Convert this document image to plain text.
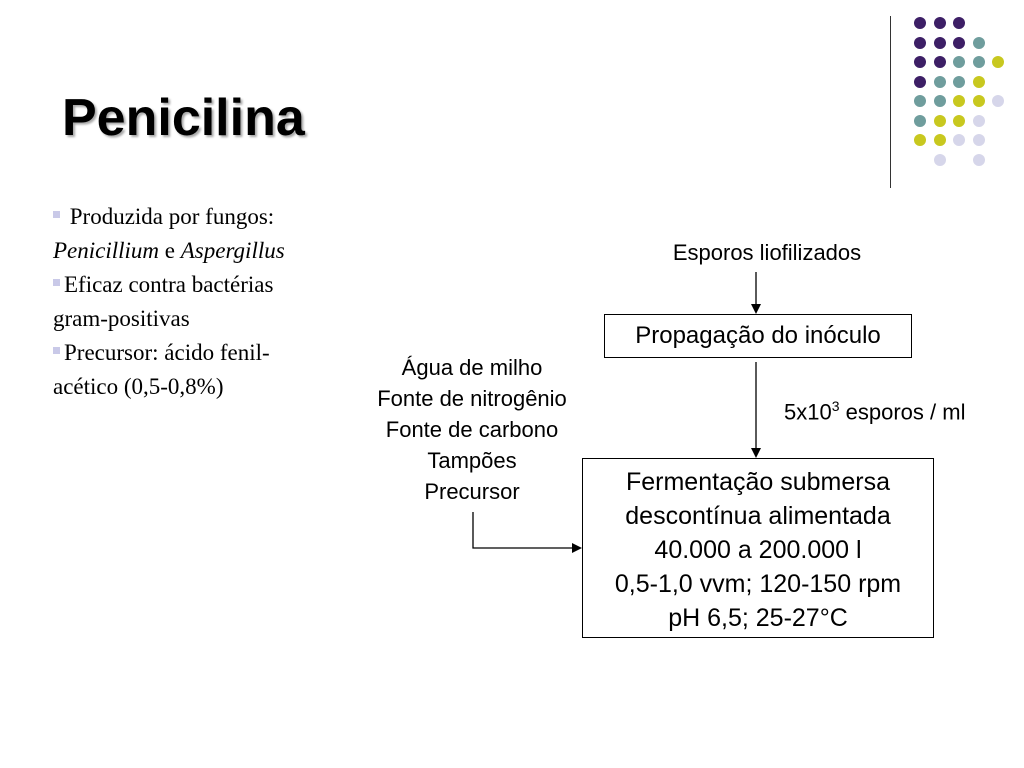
Penicilina

Produzida por fungos: Penicillium e Aspergillus

Eficaz contra bactérias gram-positivas

Precursor: ácido fenil-acético (0,5-0,8%)

Esporos liofilizados
Propagação do inóculo
$5x10^3$ esporos / ml
Água de milho
Fonte de nitrogênio
Fonte de carbono
Tampões
Precursor	Fermentação submersa
descontínua alimentada
40.000 a 200.000 l
0,5-1,0 vvm; 120-150 rpm
pH 6,5; 25-27°C
